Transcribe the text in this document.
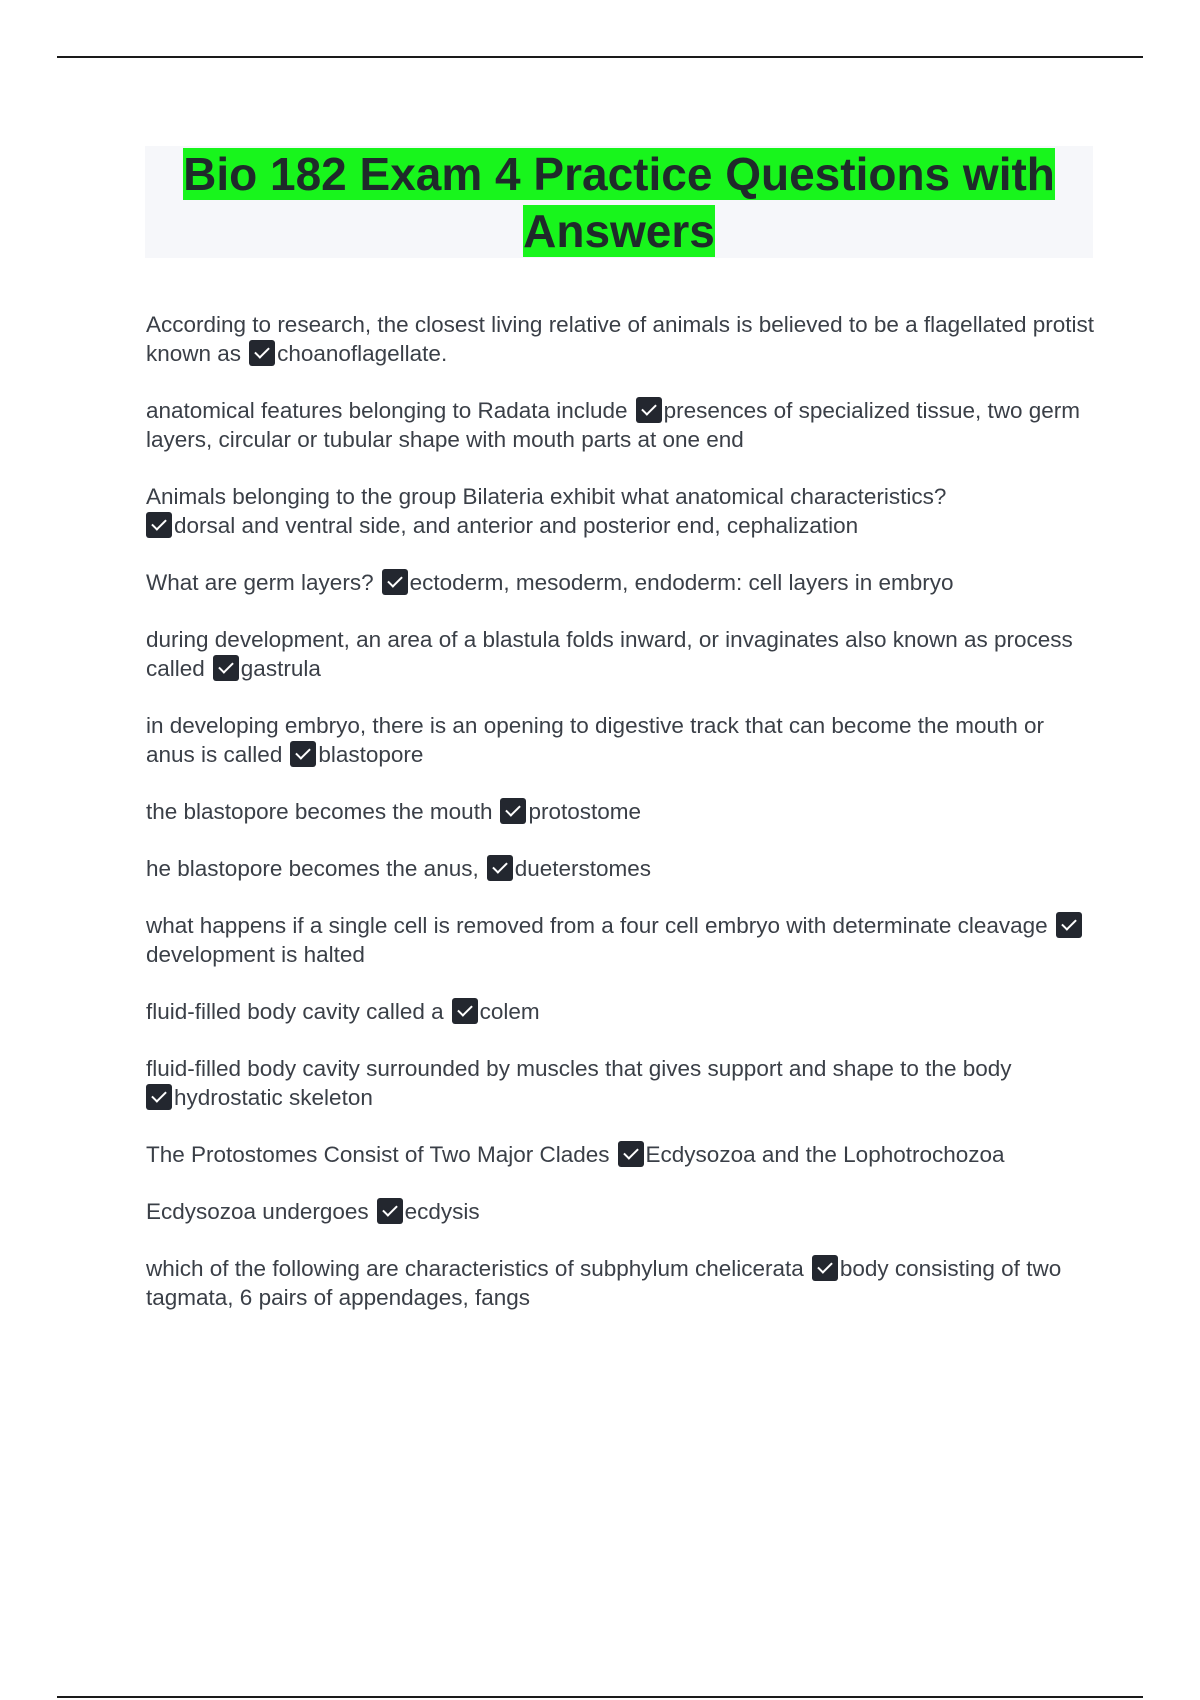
Bio 182 Exam 4 Practice Questions with Answers

According to research, the closest living relative of animals is believed to be a flagellated protist known as choanoflagellate.

anatomical features belonging to Radata include presences of specialized tissue, two germ layers, circular or tubular shape with mouth parts at one end

Animals belonging to the group Bilateria exhibit what anatomical characteristics?
dorsal and ventral side, and anterior and posterior end, cephalization

What are germ layers? ectoderm, mesoderm, endoderm: cell layers in embryo

during development, an area of a blastula folds inward, or invaginates also known as process called gastrula

in developing embryo, there is an opening to digestive track that can become the mouth or anus is called blastopore

the blastopore becomes the mouth protostome

he blastopore becomes the anus, dueterstomes

what happens if a single cell is removed from a four cell embryo with determinate cleavagedevelopment is halted

fluid-filled body cavity called a colem

fluid-filled body cavity surrounded by muscles that gives support and shape to the body
hydrostatic skeleton

The Protostomes Consist of Two Major Clades Ecdysozoa and the Lophotrochozoa

Ecdysozoa undergoes ecdysis

which of the following are characteristics of subphylum chelicerata body consisting of two tagmata, 6 pairs of appendages, fangs
